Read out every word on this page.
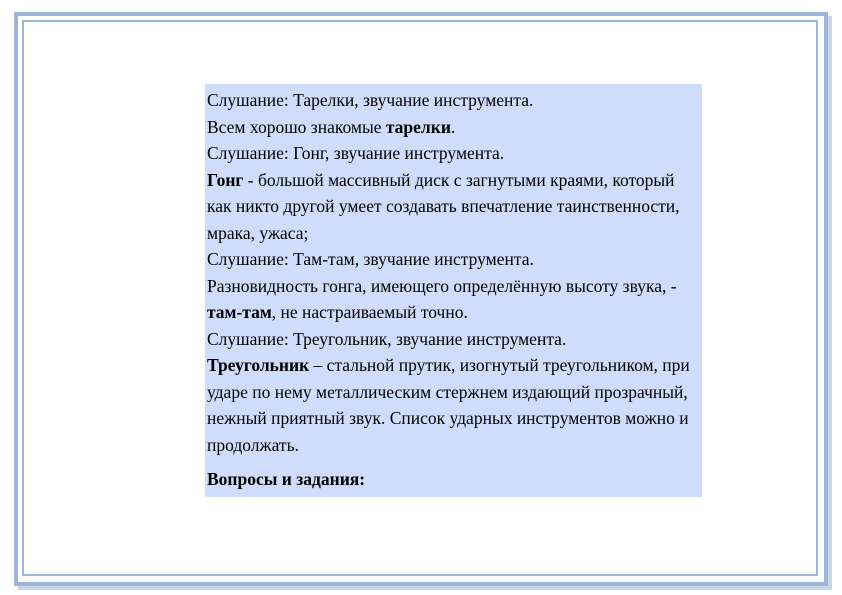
Слушание: Тарелки, звучание инструмента.

Всем хорошо знакомые тарелки.

Слушание: Гонг, звучание инструмента.

Гонг - большой массивный диск с загнутыми краями, который как никто другой умеет создавать впечатление таинственности, мрака, ужаса;

Слушание: Там-там, звучание инструмента.

Разновидность гонга, имеющего определённую высоту звука, - там-там, не настраиваемый точно.

Слушание: Треугольник, звучание инструмента.

Треугольник – стальной прутик, изогнутый треугольником, при ударе по нему металлическим стержнем издающий прозрачный, нежный приятный звук. Список ударных инструментов можно и продолжать.

Вопросы и задания:
